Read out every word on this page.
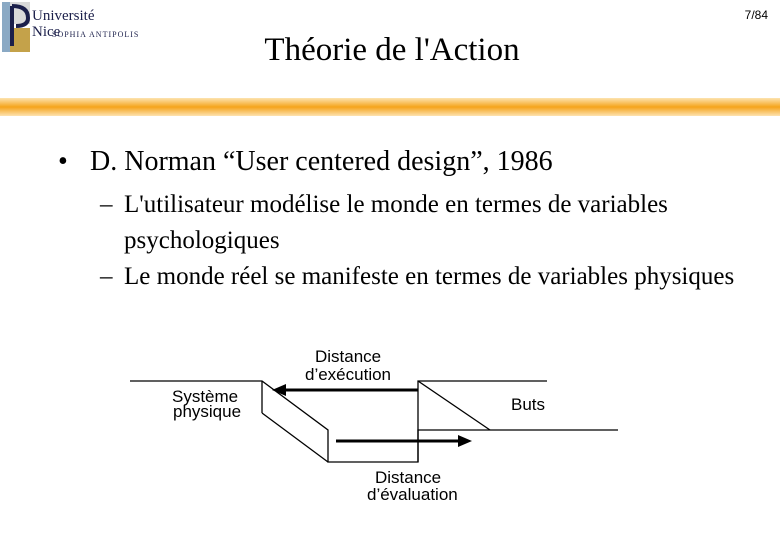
Université
Nice
SOPHIA ANTIPOLIS
7/84
Théorie de l'Action
• D. Norman “User centered design”, 1986
– L'utilisateur modélise le monde en termes de variables psychologiques
– Le monde réel se manifeste en termes de variables physiques
Distance
d’exécution
Système
physique	Buts
Distance
d’évaluation
